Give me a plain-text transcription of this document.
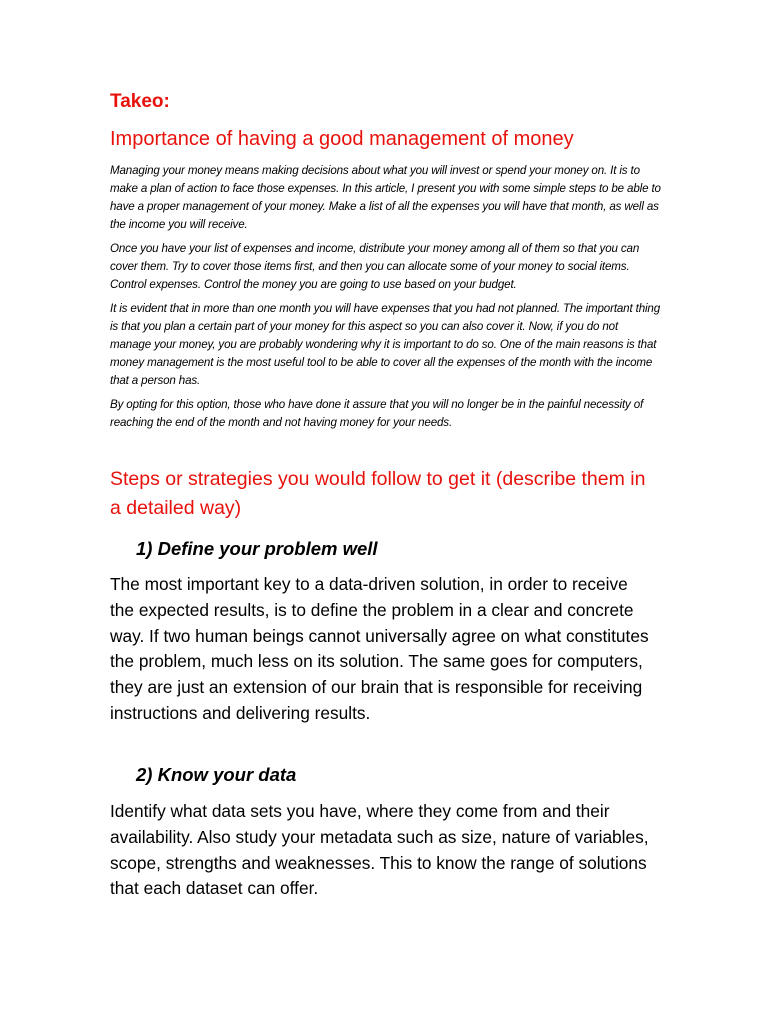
Takeo:
Importance of having a good management of money

Managing your money means making decisions about what you will invest or spend your money on. It is to make a plan of action to face those expenses. In this article, I present you with some simple steps to be able to have a proper management of your money. Make a list of all the expenses you will have that month, as well as the income you will receive.

Once you have your list of expenses and income, distribute your money among all of them so that you can cover them. Try to cover those items first, and then you can allocate some of your money to social items. Control expenses. Control the money you are going to use based on your budget.

It is evident that in more than one month you will have expenses that you had not planned. The important thing is that you plan a certain part of your money for this aspect so you can also cover it. Now, if you do not manage your money, you are probably wondering why it is important to do so. One of the main reasons is that money management is the most useful tool to be able to cover all the expenses of the month with the income that a person has.

By opting for this option, those who have done it assure that you will no longer be in the painful necessity of reaching the end of the month and not having money for your needs.

Steps or strategies you would follow to get it (describe them in a detailed way)
1) Define your problem well

The most important key to a data-driven solution, in order to receive the expected results, is to define the problem in a clear and concrete way. If two human beings cannot universally agree on what constitutes the problem, much less on its solution. The same goes for computers, they are just an extension of our brain that is responsible for receiving instructions and delivering results.

2) Know your data

Identify what data sets you have, where they come from and their availability. Also study your metadata such as size, nature of variables, scope, strengths and weaknesses. This to know the range of solutions that each dataset can offer.
